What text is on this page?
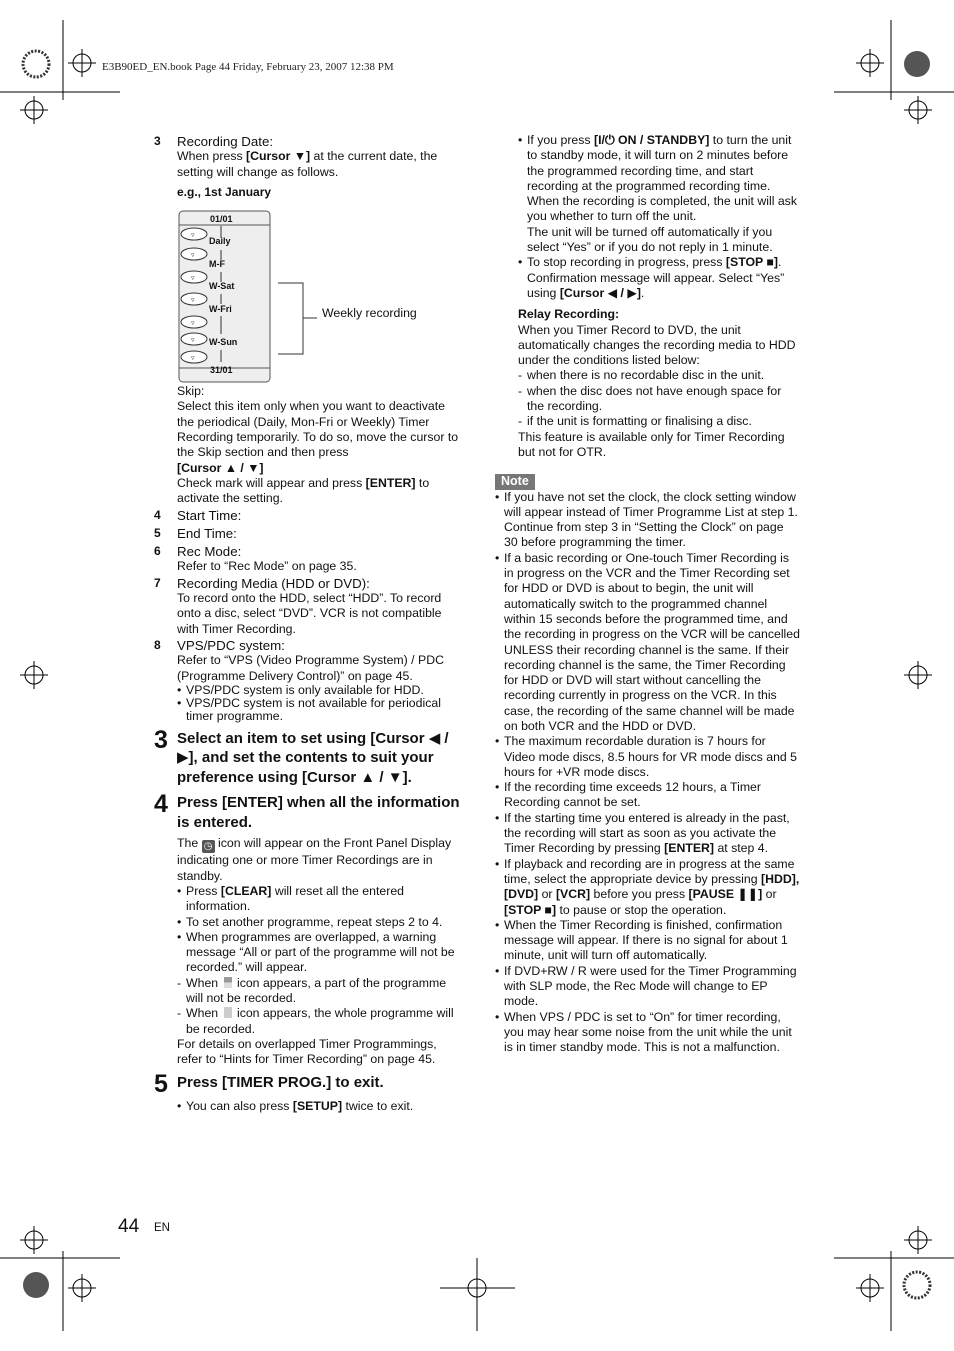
E3B90ED_EN.book Page 44 Friday, February 23, 2007 12:38 PM
3	Recording Date:
When press [Cursor ▼] at the current date, the setting will change as follows.
e.g., 1st January
▿
▿
▿
▿
▿
▿
▿
01/01
Daily
M-F
W-Sat
W-Fri
W-Sun
31/01
Weekly recording
Skip:
Select this item only when you want to deactivate the periodical (Daily, Mon-Fri or Weekly) Timer Recording temporarily. To do so, move the cursor to the Skip section and then press
[Cursor ▲ / ▼]
Check mark will appear and press [ENTER] to activate the setting.
4	Start Time:
5	End Time:
6	Rec Mode:
Refer to “Rec Mode” on page 35.
7	Recording Media (HDD or DVD):
To record onto the HDD, select “HDD”. To record onto a disc, select “DVD”. VCR is not compatible with Timer Recording.
8	VPS/PDC system:
Refer to “VPS (Video Programme System) / PDC (Programme Delivery Control)” on page 45.
• VPS/PDC system is only available for HDD.
• VPS/PDC system is not available for periodical timer programme.
3 Select an item to set using [Cursor ◀ / ▶], and set the contents to suit your preference using [Cursor ▲ / ▼].
4 Press [ENTER] when all the information is entered.
The ◷ icon will appear on the Front Panel Display indicating one or more Timer Recordings are in standby.
• Press [CLEAR] will reset all the entered information.
• To set another programme, repeat steps 2 to 4.
• When programmes are overlapped, a warning message “All or part of the programme will not be recorded.” will appear.
- When  icon appears, a part of the programme will not be recorded.
- When  icon appears, the whole programme will be recorded.
For details on overlapped Timer Programmings, refer to “Hints for Timer Recording” on page 45.
5 Press [TIMER PROG.] to exit.
• You can also press [SETUP] twice to exit.
• If you press [I/⏻ ON / STANDBY] to turn the unit to standby mode, it will turn on 2 minutes before the programmed recording time, and start recording at the programmed recording time. When the recording is completed, the unit will ask you whether to turn off the unit.
The unit will be turned off automatically if you select “Yes” or if you do not reply in 1 minute.
• To stop recording in progress, press [STOP ■]. Confirmation message will appear. Select “Yes” using [Cursor ◀ / ▶].
Relay Recording:
When you Timer Record to DVD, the unit automatically changes the recording media to HDD under the conditions listed below:
- when there is no recordable disc in the unit.
- when the disc does not have enough space for the recording.
- if the unit is formatting or finalising a disc.
This feature is available only for Timer Recording but not for OTR.
Note
• If you have not set the clock, the clock setting window will appear instead of Timer Programme List at step 1. Continue from step 3 in “Setting the Clock” on page 30 before programming the timer.
• If a basic recording or One-touch Timer Recording is in progress on the VCR and the Timer Recording set for HDD or DVD is about to begin, the unit will automatically switch to the programmed channel within 15 seconds before the programmed time, and the recording in progress on the VCR will be cancelled UNLESS their recording channel is the same. If their recording channel is the same, the Timer Recording for HDD or DVD will start without cancelling the recording currently in progress on the VCR. In this case, the recording of the same channel will be made on both VCR and the HDD or DVD.
• The maximum recordable duration is 7 hours for Video mode discs, 8.5 hours for VR mode discs and 5 hours for +VR mode discs.
• If the recording time exceeds 12 hours, a Timer Recording cannot be set.
• If the starting time you entered is already in the past, the recording will start as soon as you activate the Timer Recording by pressing [ENTER] at step 4.
• If playback and recording are in progress at the same time, select the appropriate device by pressing [HDD], [DVD] or [VCR] before you press [PAUSE ❚❚] or [STOP ■] to pause or stop the operation.
• When the Timer Recording is finished, confirmation message will appear. If there is no signal for about 1 minute, unit will turn off automatically.
• If DVD+RW / R were used for the Timer Programming with SLP mode, the Rec Mode will change to EP mode.
• When VPS / PDC is set to “On” for timer recording, you may hear some noise from the unit while the unit is in timer standby mode. This is not a malfunction.
44 EN
